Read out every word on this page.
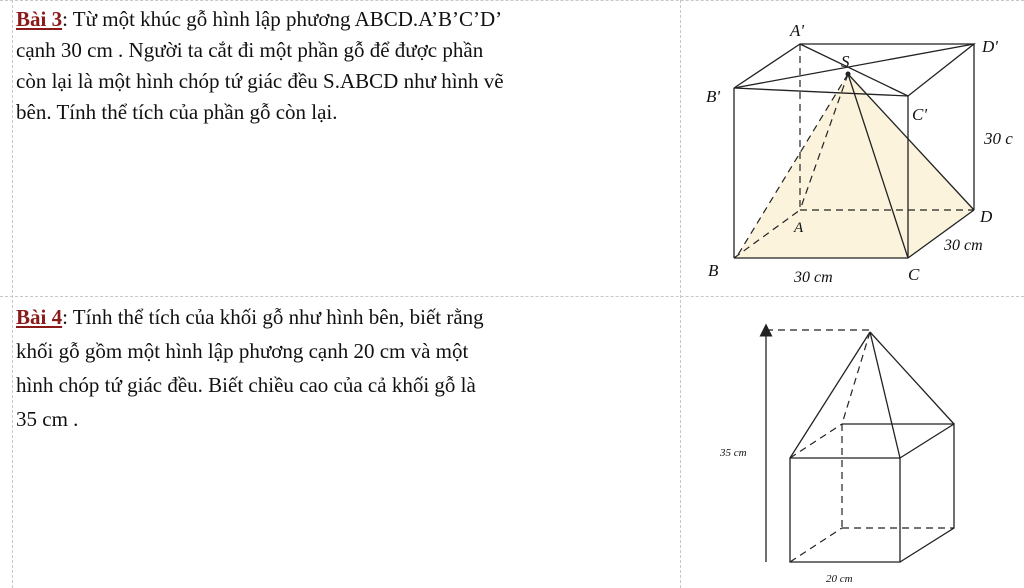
Bài 3: Từ một khúc gỗ hình lập phương ABCD.A’B’C’D’
cạnh 30 cm . Người ta cắt đi một phần gỗ để được phần
còn lại là một hình chóp tứ giác đều S.ABCD như hình vẽ
bên. Tính thể tích của phần gỗ còn lại.
A'
D'
S
B'
C'
30 c
A
D
30 cm
B	30 cm	C
Bài 4: Tính thể tích của khối gỗ như hình bên, biết rằng
khối gỗ gồm một hình lập phương cạnh 20 cm và một
hình chóp tứ giác đều. Biết chiều cao của cả khối gỗ là
35 cm .
35 cm
20 cm
